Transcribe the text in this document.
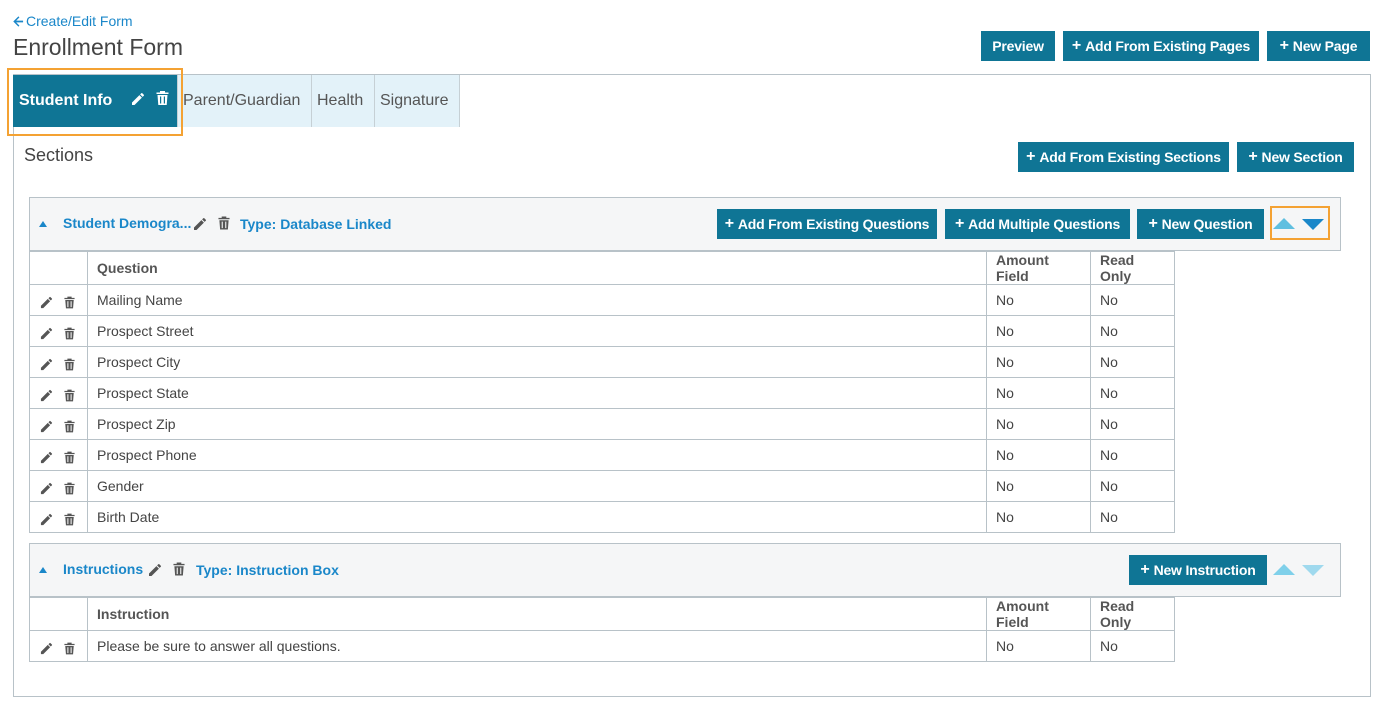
Create/Edit Form
Enrollment Form	Preview + Add From Existing Pages + New Page
Student Info	Parent/Guardian Health Signature
Sections	+ Add From Existing Sections + New Section
Student Demogra...	Type: Database Linked	+ Add From Existing Questions + Add Multiple Questions + New Question
	Question	Amount Field	Read Only

	Mailing Name	No	No

	Prospect Street	No	No

	Prospect City	No	No

	Prospect State	No	No

	Prospect Zip	No	No

	Prospect Phone	No	No

	Gender	No	No

	Birth Date	No	No
Instructions	Type: Instruction Box	+ New Instruction
	Instruction	Amount Field	Read Only

	Please be sure to answer all questions.	No	No
